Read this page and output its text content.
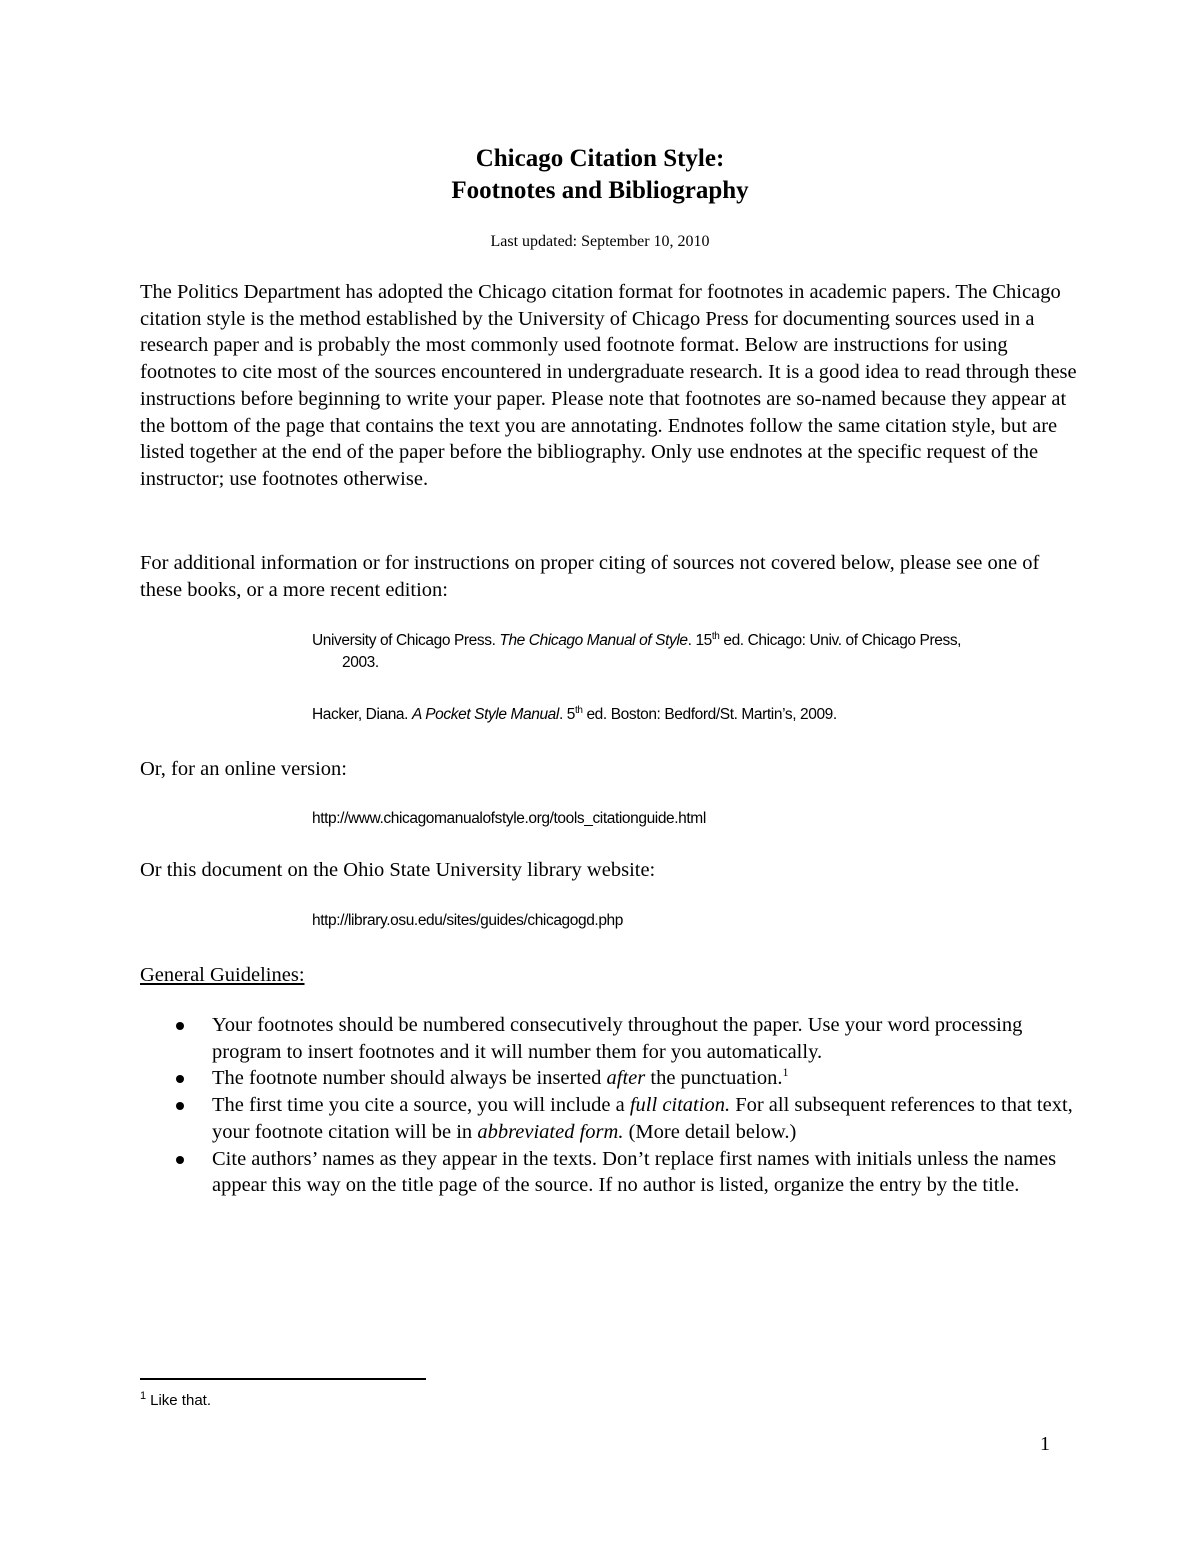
Chicago Citation Style:
Footnotes and Bibliography
Last updated: September 10, 2010

The Politics Department has adopted the Chicago citation format for footnotes in academic papers. The Chicago citation style is the method established by the University of Chicago Press for documenting sources used in a research paper and is probably the most commonly used footnote format. Below are instructions for using footnotes to cite most of the sources encountered in undergraduate research. It is a good idea to read through these instructions before beginning to write your paper. Please note that footnotes are so-named because they appear at the bottom of the page that contains the text you are annotating. Endnotes follow the same citation style, but are listed together at the end of the paper before the bibliography. Only use endnotes at the specific request of the instructor; use footnotes otherwise.

For additional information or for instructions on proper citing of sources not covered below, please see one of these books, or a more recent edition:

University of Chicago Press. The Chicago Manual of Style. 15th ed. Chicago: Univ. of Chicago Press,
2003.
Hacker, Diana. A Pocket Style Manual. 5th ed. Boston: Bedford/St. Martin’s, 2009.
Or, for an online version:
http://www.chicagomanualofstyle.org/tools_citationguide.html
Or this document on the Ohio State University library website:
http://library.osu.edu/sites/guides/chicagogd.php
General Guidelines:
Your footnotes should be numbered consecutively throughout the paper. Use your word processing program to insert footnotes and it will number them for you automatically.
The footnote number should always be inserted after the punctuation.$^1$
The first time you cite a source, you will include a full citation. For all subsequent references to that text, your footnote citation will be in abbreviated form. (More detail below.)
Cite authors’ names as they appear in the texts. Don’t replace first names with initials unless the names appear this way on the title page of the source. If no author is listed, organize the entry by the title.
$^1$ Like that.
1
